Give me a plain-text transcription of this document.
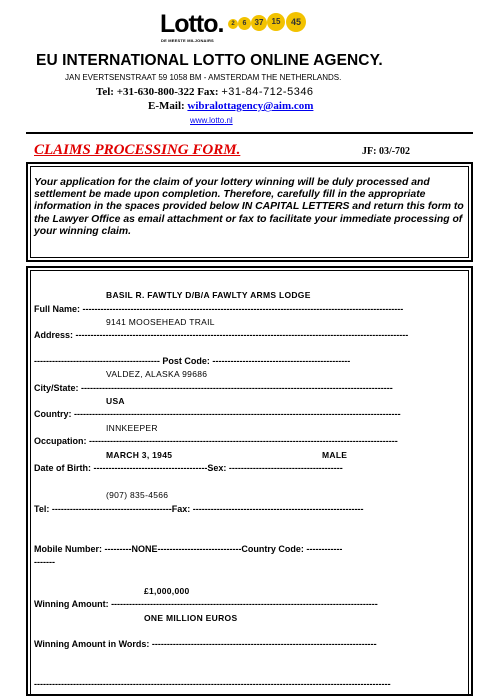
Lotto.
DE MEESTE MILJONAIRS
2	6	37	15	45
EU INTERNATIONAL LOTTO ONLINE AGENCY.
JAN EVERTSENSTRAAT 59 1058 BM - AMSTERDAM THE NETHERLANDS.
Tel: +31-630-800-322 Fax: +31-84-712-5346
E-Mail: wibralottagency@aim.com
www.lotto.nl
CLAIMS PROCESSING FORM.	JF: 03/-702
Your application for the claim of your lottery winning will be duly processed and settlement be made upon completion. Therefore, carefully fill in the appropriate information in the spaces provided below IN CAPITAL LETTERS and return this form to the Lawyer Office as email attachment or fax to facilitate your immediate processing of your winning claim.
BASIL R. FAWTLY D/B/A FAWLTY ARMS LODGE
Full Name: -----------------------------------------------------------------------------------------------------------
9141 MOOSEHEAD TRAIL
Address: ---------------------------------------------------------------------------------------------------------------
------------------------------------------ Post Code: ----------------------------------------------
VALDEZ, ALASKA 99686
City/State: --------------------------------------------------------------------------------------------------------
USA
Country: -------------------------------------------------------------------------------------------------------------
INNKEEPER
Occupation: -------------------------------------------------------------------------------------------------------
MARCH 3, 1945	MALE
Date of Birth: --------------------------------------Sex: --------------------------------------
(907) 835-4566
Tel: ----------------------------------------Fax: ---------------------------------------------------------
Mobile Number: ---------NONE----------------------------Country Code: ------------
-------
£1,000,000
Winning Amount: -----------------------------------------------------------------------------------------
ONE MILLION EUROS
Winning Amount in Words: ---------------------------------------------------------------------------
-----------------------------------------------------------------------------------------------------------------------
